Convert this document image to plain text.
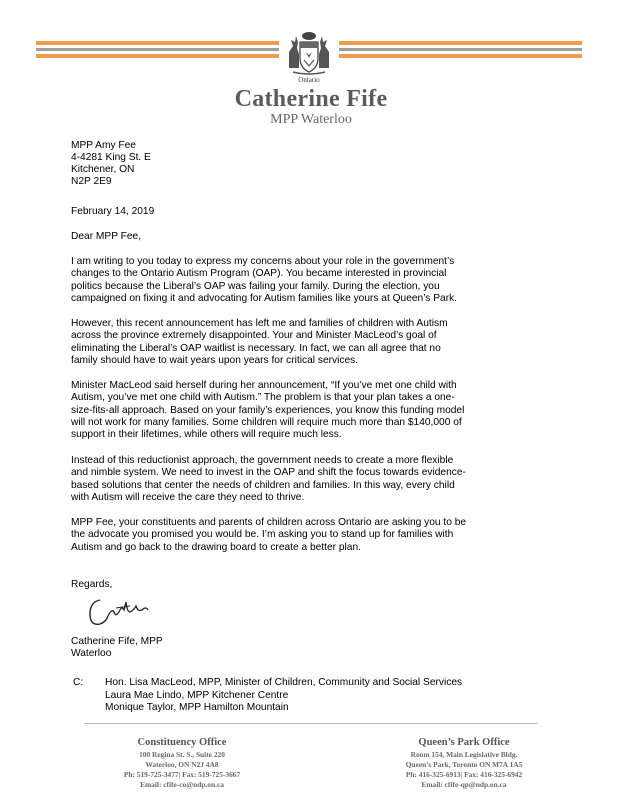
Ontario
Catherine Fife
MPP Waterloo
MPP Amy Fee
4-4281 King St. E
Kitchener, ON
N2P 2E9
February 14, 2019
Dear MPP Fee,
I am writing to you today to express my concerns about your role in the government’s
changes to the Ontario Autism Program (OAP). You became interested in provincial
politics because the Liberal’s OAP was failing your family. During the election, you
campaigned on fixing it and advocating for Autism families like yours at Queen’s Park.
However, this recent announcement has left me and families of children with Autism
across the province extremely disappointed. Your and Minister MacLeod’s goal of
eliminating the Liberal’s OAP waitlist is necessary. In fact, we can all agree that no
family should have to wait years upon years for critical services.
Minister MacLeod said herself during her announcement, “If you’ve met one child with
Autism, you’ve met one child with Autism.” The problem is that your plan takes a one-
size-fits-all approach. Based on your family’s experiences, you know this funding model
will not work for many families. Some children will require much more than $140,000 of
support in their lifetimes, while others will require much less.
Instead of this reductionist approach, the government needs to create a more flexible
and nimble system. We need to invest in the OAP and shift the focus towards evidence-
based solutions that center the needs of children and families. In this way, every child
with Autism will receive the care they need to thrive.
MPP Fee, your constituents and parents of children across Ontario are asking you to be
the advocate you promised you would be. I’m asking you to stand up for families with
Autism and go back to the drawing board to create a better plan.
Regards,
Catherine Fife, MPP
Waterloo
C: Hon. Lisa MacLeod, MPP, Minister of Children, Community and Social Services
Laura Mae Lindo, MPP Kitchener Centre
Monique Taylor, MPP Hamilton Mountain
Constituency Office
100 Regina St. S., Suite 220
Waterloo, ON N2J 4A8
Ph: 519-725-3477| Fax: 519-725-3667
Email: cfife-co@ndp.on.ca
Queen’s Park Office
Room 154, Main Legislative Bldg.
Queen’s Park, Toronto ON M7A 1A5
Ph: 416-325-6913| Fax: 416-325-6942
Email: cfife-qp@ndp.on.ca
